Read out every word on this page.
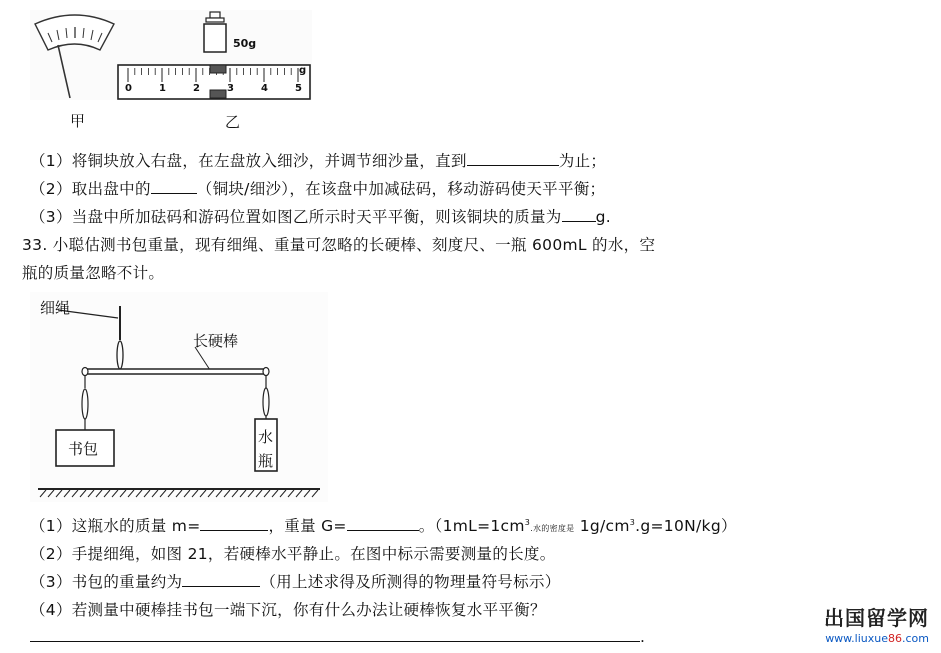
50g
g
0	1	2	3	4	5
甲	乙
（1）将铜块放入右盘，在左盘放入细沙，并调节细沙量，直到	为止；
（2）取出盘中的	（铜块/细沙），在该盘中加减砝码，移动游码使天平平衡；
（3）当盘中所加砝码和游码位置如图乙所示时天平平衡，则该铜块的质量为 g.
33. 小聪估测书包重量，现有细绳、重量可忽略的长硬棒、刻度尺、一瓶 600mL 的水，空
瓶的质量忽略不计。
细绳
长硬棒
书包
水
瓶
（1）这瓶水的质量 m=	，重量 G=	。（$1mL=1cm^3$.水的密度是 $1g/cm^3.g=10N/kg$）
（2）手提细绳，如图 21，若硬棒水平静止。在图中标示需要测量的长度。
（3）书包的重量约为	（用上述求得及所测得的物理量符号标示）
（4）若测量中硬棒挂书包一端下沉，你有什么办法让硬棒恢复水平平衡？
.
出国留学网
www.liuxue86.com
